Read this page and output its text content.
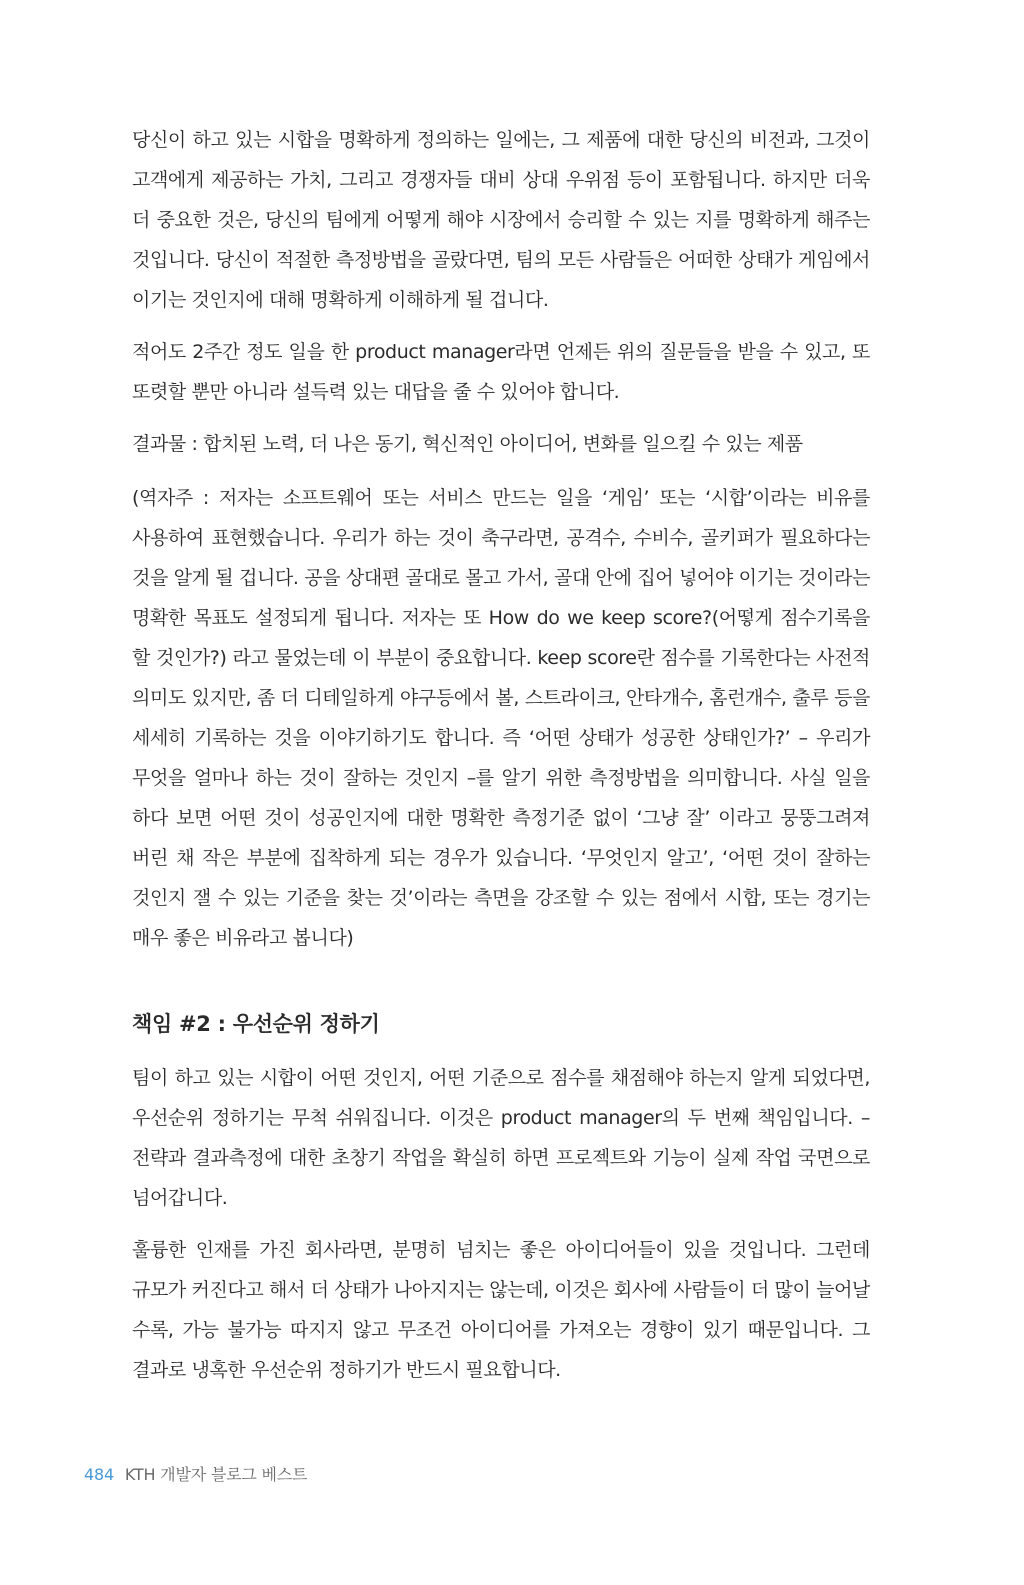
당신이 하고 있는 시합을 명확하게 정의하는 일에는, 그 제품에 대한 당신의 비전과, 그것이 고객에게 제공하는 가치, 그리고 경쟁자들 대비 상대 우위점 등이 포함됩니다. 하지만 더욱 더 중요한 것은, 당신의 팀에게 어떻게 해야 시장에서 승리할 수 있는 지를 명확하게 해주는 것입니다. 당신이 적절한 측정방법을 골랐다면, 팀의 모든 사람들은 어떠한 상태가 게임에서 이기는 것인지에 대해 명확하게 이해하게 될 겁니다.

적어도 2주간 정도 일을 한 product manager라면 언제든 위의 질문들을 받을 수 있고, 또 또렷할 뿐만 아니라 설득력 있는 대답을 줄 수 있어야 합니다.

결과물 : 합치된 노력, 더 나은 동기, 혁신적인 아이디어, 변화를 일으킬 수 있는 제품

(역자주 : 저자는 소프트웨어 또는 서비스 만드는 일을 ‘게임’ 또는 ‘시합’이라는 비유를 사용하여 표현했습니다. 우리가 하는 것이 축구라면, 공격수, 수비수, 골키퍼가 필요하다는 것을 알게 될 겁니다. 공을 상대편 골대로 몰고 가서, 골대 안에 집어 넣어야 이기는 것이라는 명확한 목표도 설정되게 됩니다. 저자는 또 How do we keep score?(어떻게 점수기록을 할 것인가?) 라고 물었는데 이 부분이 중요합니다. keep score란 점수를 기록한다는 사전적 의미도 있지만, 좀 더 디테일하게 야구등에서 볼, 스트라이크, 안타개수, 홈런개수, 출루 등을 세세히 기록하는 것을 이야기하기도 합니다. 즉 ‘어떤 상태가 성공한 상태인가?’ – 우리가 무엇을 얼마나 하는 것이 잘하는 것인지 –를 알기 위한 측정방법을 의미합니다. 사실 일을 하다 보면 어떤 것이 성공인지에 대한 명확한 측정기준 없이 ‘그냥 잘’ 이라고 뭉뚱그려져 버린 채 작은 부분에 집착하게 되는 경우가 있습니다. ‘무엇인지 알고’, ‘어떤 것이 잘하는 것인지 잴 수 있는 기준을 찾는 것’이라는 측면을 강조할 수 있는 점에서 시합, 또는 경기는 매우 좋은 비유라고 봅니다)

책임 #2 : 우선순위 정하기

팀이 하고 있는 시합이 어떤 것인지, 어떤 기준으로 점수를 채점해야 하는지 알게 되었다면, 우선순위 정하기는 무척 쉬워집니다. 이것은 product manager의 두 번째 책임입니다. – 전략과 결과측정에 대한 초창기 작업을 확실히 하면 프로젝트와 기능이 실제 작업 국면으로 넘어갑니다.

훌륭한 인재를 가진 회사라면, 분명히 넘치는 좋은 아이디어들이 있을 것입니다. 그런데 규모가 커진다고 해서 더 상태가 나아지지는 않는데, 이것은 회사에 사람들이 더 많이 늘어날 수록, 가능 불가능 따지지 않고 무조건 아이디어를 가져오는 경향이 있기 때문입니다. 그 결과로 냉혹한 우선순위 정하기가 반드시 필요합니다.

484 KTH 개발자 블로그 베스트
